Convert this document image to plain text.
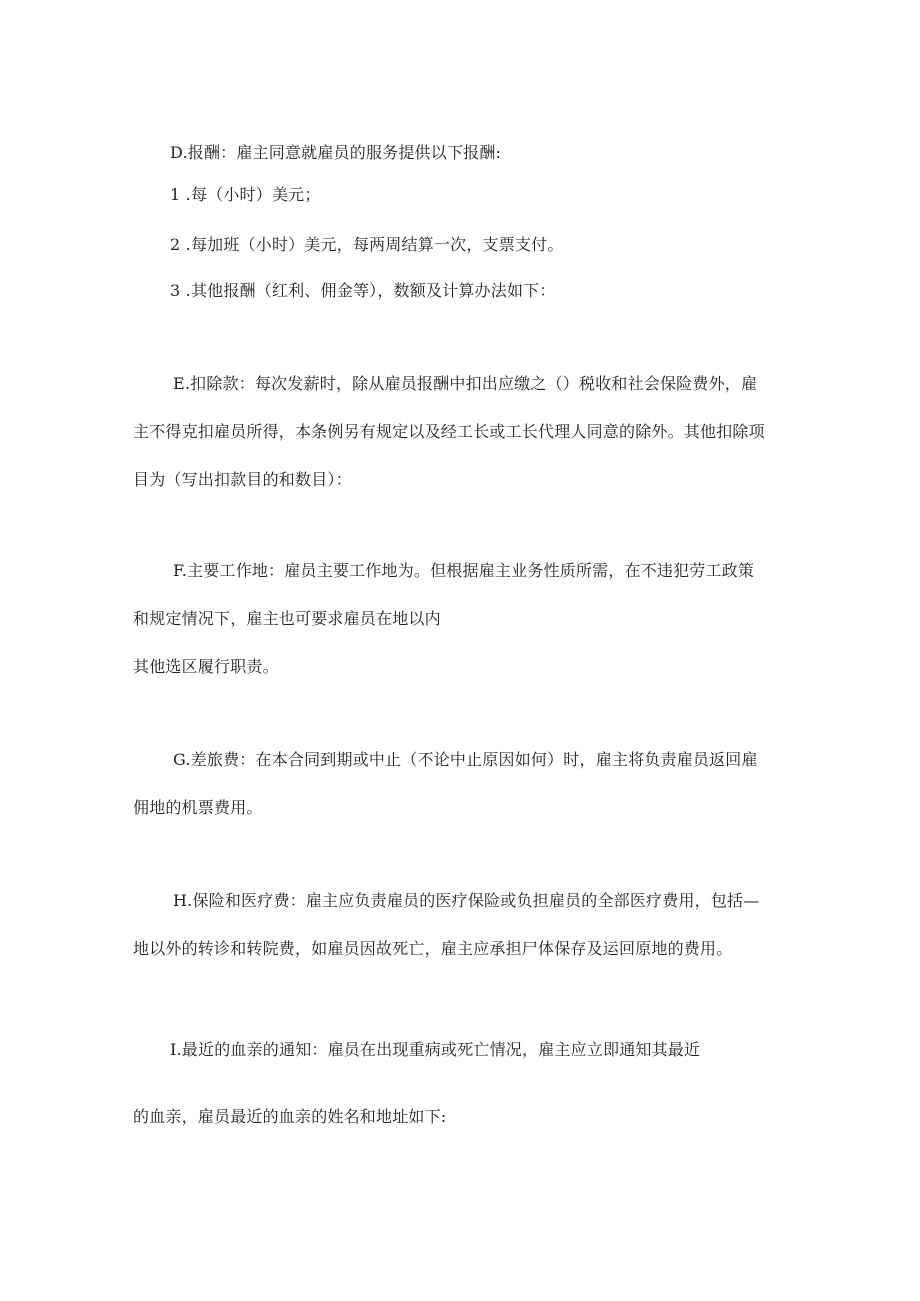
D.报酬：雇主同意就雇员的服务提供以下报酬:
1 .每（小时）美元；
2 .每加班（小时）美元，每两周结算一次，支票支付。
3 .其他报酬（红利、佣金等），数额及计算办法如下：
E.扣除款：每次发薪时，除从雇员报酬中扣出应缴之（）税收和社会保险费外，雇
主不得克扣雇员所得，本条例另有规定以及经工长或工长代理人同意的除外。其他扣除项
目为（写出扣款目的和数目）：
F.主要工作地：雇员主要工作地为。但根据雇主业务性质所需，在不违犯劳工政策
和规定情况下，雇主也可要求雇员在地以内
其他选区履行职责。
G.差旅费：在本合同到期或中止（不论中止原因如何）时，雇主将负责雇员返回雇
佣地的机票费用。
H.保险和医疗费：雇主应负责雇员的医疗保险或负担雇员的全部医疗费用，包括—
地以外的转诊和转院费，如雇员因故死亡，雇主应承担尸体保存及运回原地的费用。
I.最近的血亲的通知：雇员在出现重病或死亡情况，雇主应立即通知其最近
的血亲，雇员最近的血亲的姓名和地址如下:
